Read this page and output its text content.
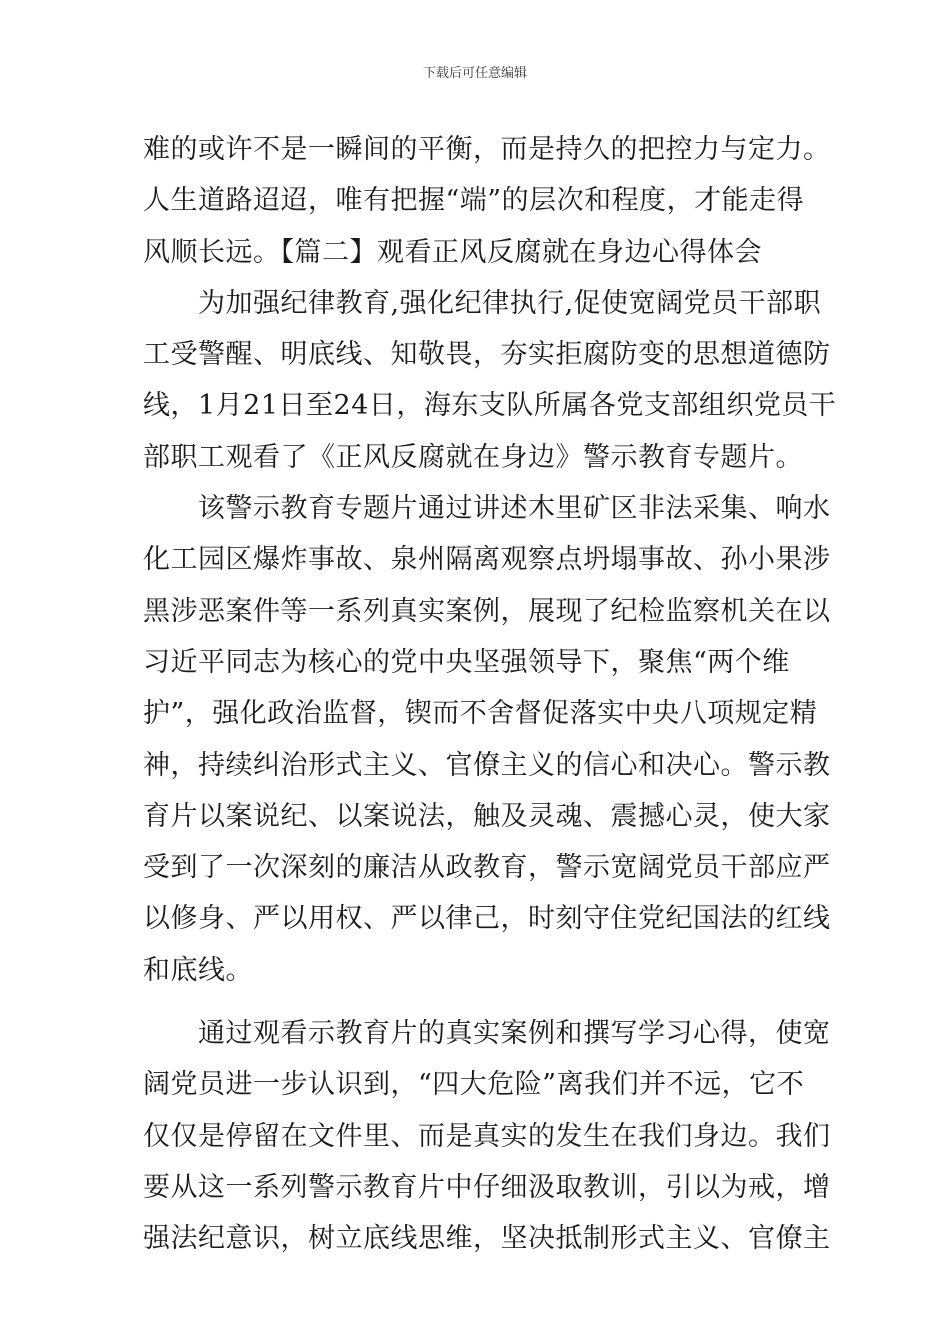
下载后可任意编辑
难的或许不是一瞬间的平衡，而是持久的把控力与定力。
人生道路迢迢，唯有把握“端”的层次和程度，才能走得
风顺长远。【篇二】观看正风反腐就在身边心得体会
　　为加强纪律教育,强化纪律执行,促使宽阔党员干部职
工受警醒、明底线、知敬畏，夯实拒腐防变的思想道德防
线，1月21日至24日，海东支队所属各党支部组织党员干
部职工观看了《正风反腐就在身边》警示教育专题片。
　　该警示教育专题片通过讲述木里矿区非法采集、响水
化工园区爆炸事故、泉州隔离观察点坍塌事故、孙小果涉
黑涉恶案件等一系列真实案例，展现了纪检监察机关在以
习近平同志为核心的党中央坚强领导下，聚焦“两个维
护”，强化政治监督，锲而不舍督促落实中央八项规定精
神，持续纠治形式主义、官僚主义的信心和决心。警示教
育片以案说纪、以案说法，触及灵魂、震撼心灵，使大家
受到了一次深刻的廉洁从政教育，警示宽阔党员干部应严
以修身、严以用权、严以律己，时刻守住党纪国法的红线
和底线。
　　通过观看示教育片的真实案例和撰写学习心得，使宽
阔党员进一步认识到，“四大危险”离我们并不远，它不
仅仅是停留在文件里、而是真实的发生在我们身边。我们
要从这一系列警示教育片中仔细汲取教训，引以为戒，增
强法纪意识，树立底线思维，坚决抵制形式主义、官僚主
